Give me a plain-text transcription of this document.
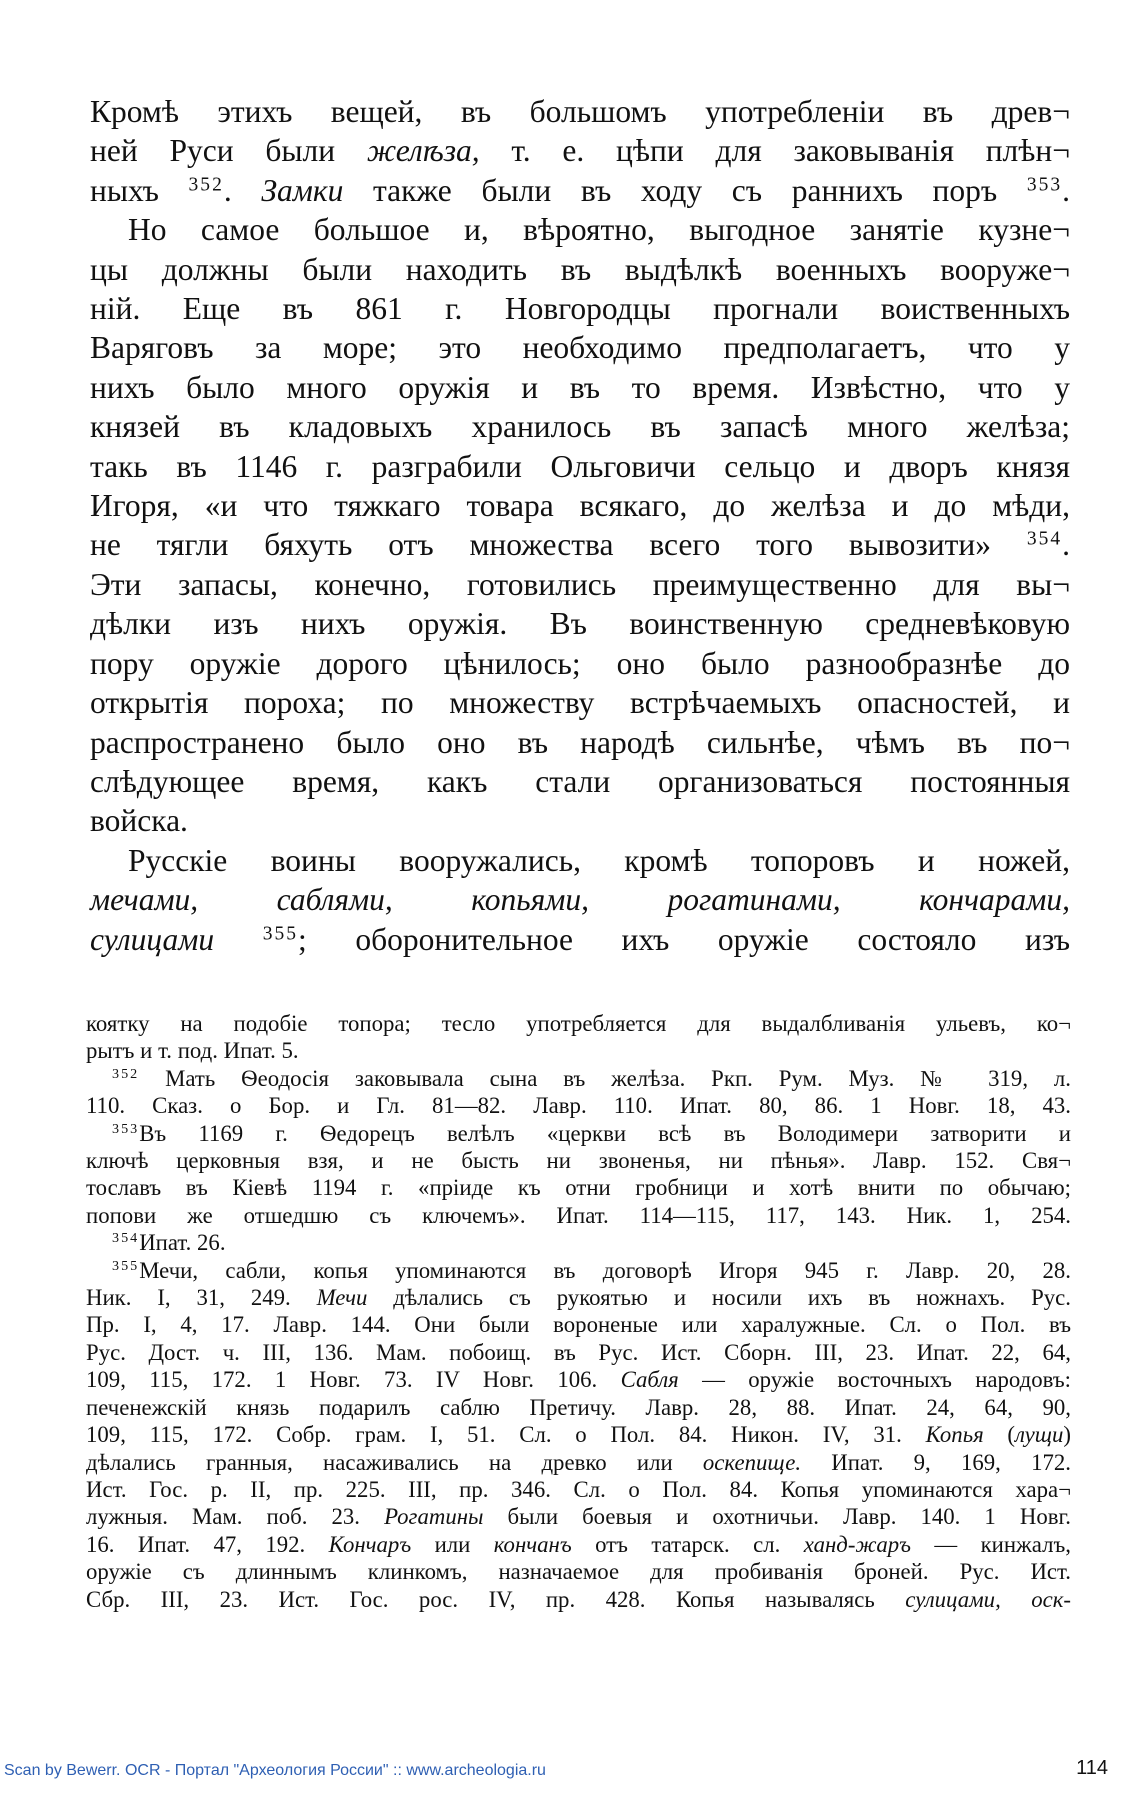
Кромѣ этихъ вещей, въ большомъ употребленіи въ древ¬
ней Руси были желѣза, т. е. цѣпи для заковыванія плѣн¬
ныхъ $^{352}$. Замки также были въ ходу съ раннихъ поръ $^{353}$.

Но самое большое и, вѣроятно, выгодное занятіе кузне¬
цы должны были находить въ выдѣлкѣ военныхъ вооруже¬
ній. Еще въ 861 г. Новгородцы прогнали воиственныхъ
Варяговъ за море; это необходимо предполагаетъ, что у
нихъ было много оружія и въ то время. Извѣстно, что у
князей въ кладовыхъ хранилось въ запасѣ много желѣза;
такь въ 1146 г. разграбили Ольговичи сельцо и дворъ князя
Игоря, «и что тяжкаго товара всякаго, до желѣза и до мѣди,
не тягли бяхуть отъ множества всего того вывозити» $^{354}$.
Эти запасы, конечно, готовились преимущественно для вы¬
дѣлки изъ нихъ оружія. Въ воинственную средневѣковую
пору оружіе дорого цѣнилось; оно было разнообразнѣе до
открытія пороха; по множеству встрѣчаемыхъ опасностей, и
распространено было оно въ народѣ сильнѣе, чѣмъ въ по¬
слѣдующее время, какъ стали организоваться постоянныя
войска.

Русскіе воины вооружались, кромѣ топоровъ и ножей,
мечами, саблями, копьями, рогатинами, кончарами,
сулицами $^{355}$; оборонительное ихъ оружіе состояло изъ

коятку на подобіе топора; тесло употребляется для выдалбливанія ульевъ, ко¬
рытъ и т. под. Ипат. 5.
$^{352}$ Мать Ѳеодосія заковывала сына въ желѣза. Ркп. Рум. Муз. № 319, л.
110. Сказ. о Бор. и Гл. 81—82. Лавр. 110. Ипат. 80, 86. 1 Новг. 18, 43.
$^{353}$Въ 1169 г. Ѳедорецъ велѣлъ «церкви всѣ въ Володимери затворити и
ключѣ церковныя взя, и не бысть ни звоненья, ни пѣнья». Лавр. 152. Свя¬
тославъ въ Кіевѣ 1194 г. «пріиде къ отни гробници и хотѣ внити по обычаю;
попови же отшедшю съ ключемъ». Ипат. 114—115, 117, 143. Ник. 1, 254.
$^{354}$Ипат. 26.
$^{355}$Мечи, сабли, копья упоминаются въ договорѣ Игоря 945 г. Лавр. 20, 28.
Ник. I, 31, 249. Мечи дѣлались съ рукоятью и носили ихъ въ ножнахъ. Рус.
Пр. I, 4, 17. Лавр. 144. Они были вороненые или харалужные. Сл. о Пол. въ
Рус. Дост. ч. III, 136. Мам. побоищ. въ Рус. Ист. Сборн. III, 23. Ипат. 22, 64,
109, 115, 172. 1 Новг. 73. IV Новг. 106. Сабля — оружіе восточныхъ народовъ:
печенежскій князь подарилъ саблю Претичу. Лавр. 28, 88. Ипат. 24, 64, 90,
109, 115, 172. Собр. грам. I, 51. Сл. о Пол. 84. Никон. IV, 31. Копья (лущи)
дѣлались гранныя, насаживались на древко или оскепище. Ипат. 9, 169, 172.
Ист. Гос. р. II, пр. 225. III, пр. 346. Сл. о Пол. 84. Копья упоминаются хара¬
лужныя. Мам. поб. 23. Рогатины были боевыя и охотничьи. Лавр. 140. 1 Новг.
16. Ипат. 47, 192. Кончаръ или кончанъ отъ татарск. сл. ханд-жаръ — кинжалъ,
оружіе съ длиннымъ клинкомъ, назначаемое для пробиванія броней. Рус. Ист.
Сбр. III, 23. Ист. Гос. рос. IV, пр. 428. Копья называлясь сулицами, оск-
Scan by Bewerr. OCR - Портал "Археология России" :: www.archeologia.ru	114
